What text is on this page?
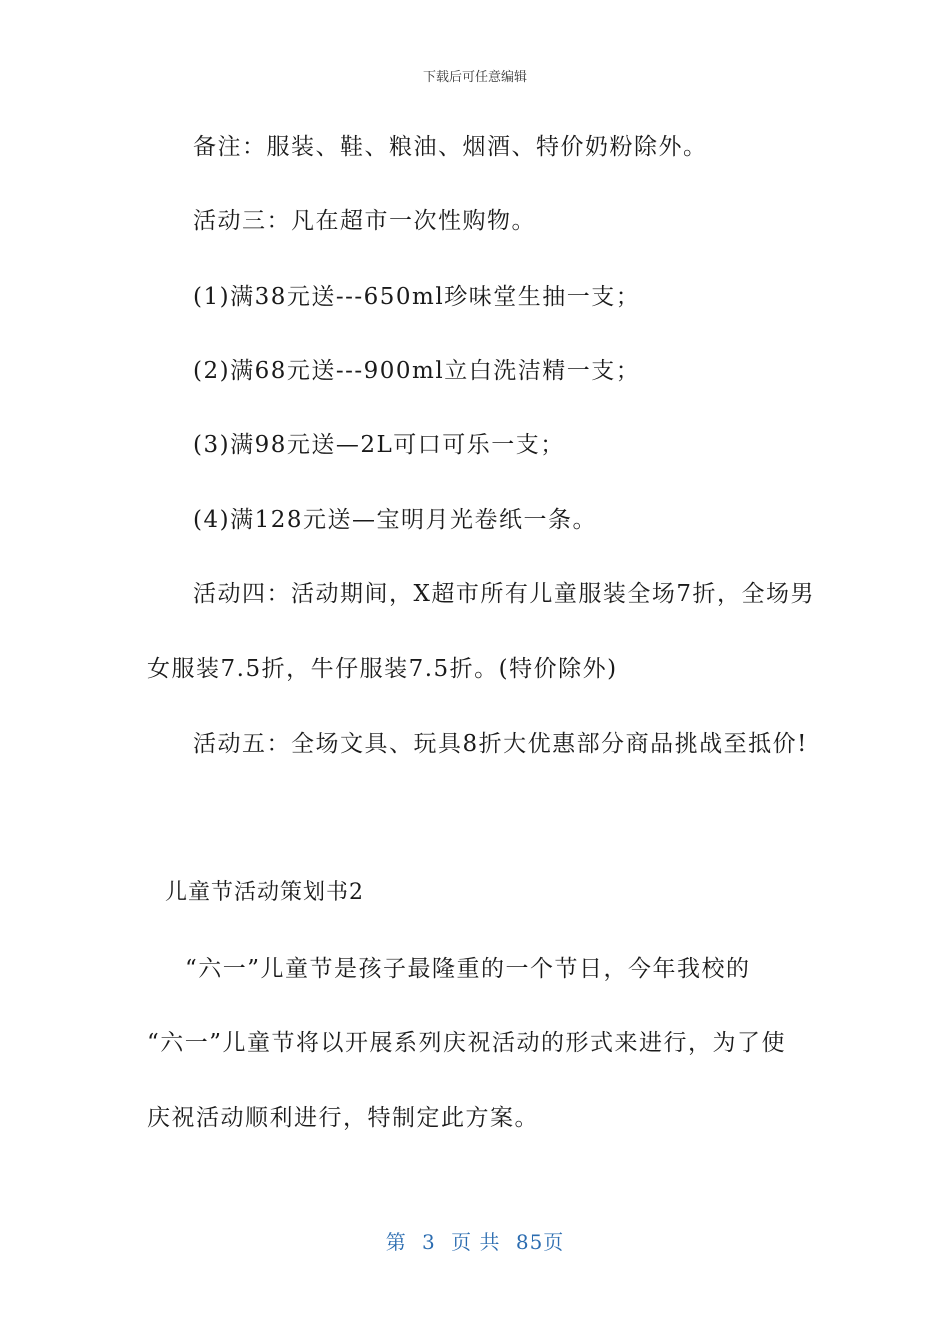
下载后可任意编辑
备注：服装、鞋、粮油、烟酒、特价奶粉除外。
活动三：凡在超市一次性购物。
(1)满38元送---650ml珍味堂生抽一支；
(2)满68元送---900ml立白洗洁精一支；
(3)满98元送—2L可口可乐一支；
(4)满128元送—宝明月光卷纸一条。
活动四：活动期间，X超市所有儿童服装全场7折，全场男
女服装7.5折，牛仔服装7.5折。(特价除外)
活动五：全场文具、玩具8折大优惠部分商品挑战至抵价!
儿童节活动策划书2
“六一”儿童节是孩子最隆重的一个节日，今年我校的
“六一”儿童节将以开展系列庆祝活动的形式来进行，为了使
庆祝活动顺利进行，特制定此方案。
第 3 页 共 85页
